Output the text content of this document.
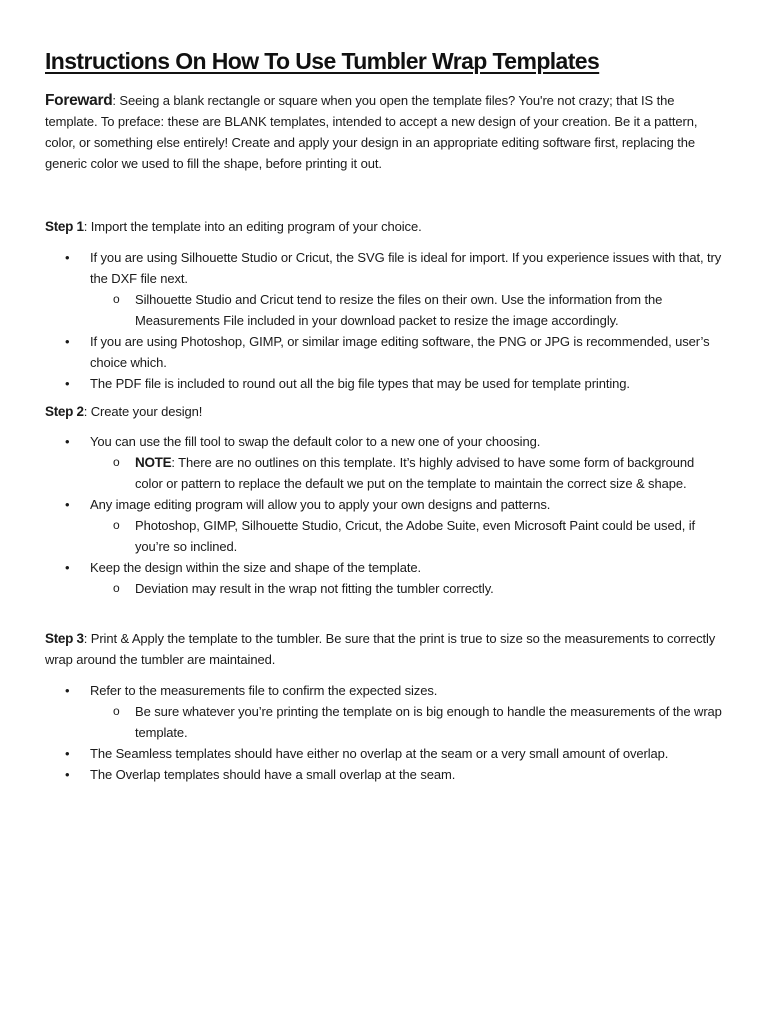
Instructions On How To Use Tumbler Wrap Templates

Foreward: Seeing a blank rectangle or square when you open the template files? You're not crazy; that IS the template. To preface: these are BLANK templates, intended to accept a new design of your creation. Be it a pattern, color, or something else entirely! Create and apply your design in an appropriate editing software first, replacing the generic color we used to fill the shape, before printing it out.

Step 1: Import the template into an editing program of your choice.

• If you are using Silhouette Studio or Cricut, the SVG file is ideal for import. If you experience issues with that, try the DXF file next.
o Silhouette Studio and Cricut tend to resize the files on their own. Use the information from the Measurements File included in your download packet to resize the image accordingly.
• If you are using Photoshop, GIMP, or similar image editing software, the PNG or JPG is recommended, user’s choice which.
• The PDF file is included to round out all the big file types that may be used for template printing.

Step 2: Create your design!

• You can use the fill tool to swap the default color to a new one of your choosing.
o NOTE: There are no outlines on this template. It’s highly advised to have some form of background color or pattern to replace the default we put on the template to maintain the correct size & shape.
• Any image editing program will allow you to apply your own designs and patterns.
o Photoshop, GIMP, Silhouette Studio, Cricut, the Adobe Suite, even Microsoft Paint could be used, if you’re so inclined.
• Keep the design within the size and shape of the template.
o Deviation may result in the wrap not fitting the tumbler correctly.

Step 3: Print & Apply the template to the tumbler. Be sure that the print is true to size so the measurements to correctly wrap around the tumbler are maintained.

• Refer to the measurements file to confirm the expected sizes.
o Be sure whatever you’re printing the template on is big enough to handle the measurements of the wrap template.
• The Seamless templates should have either no overlap at the seam or a very small amount of overlap.
• The Overlap templates should have a small overlap at the seam.
